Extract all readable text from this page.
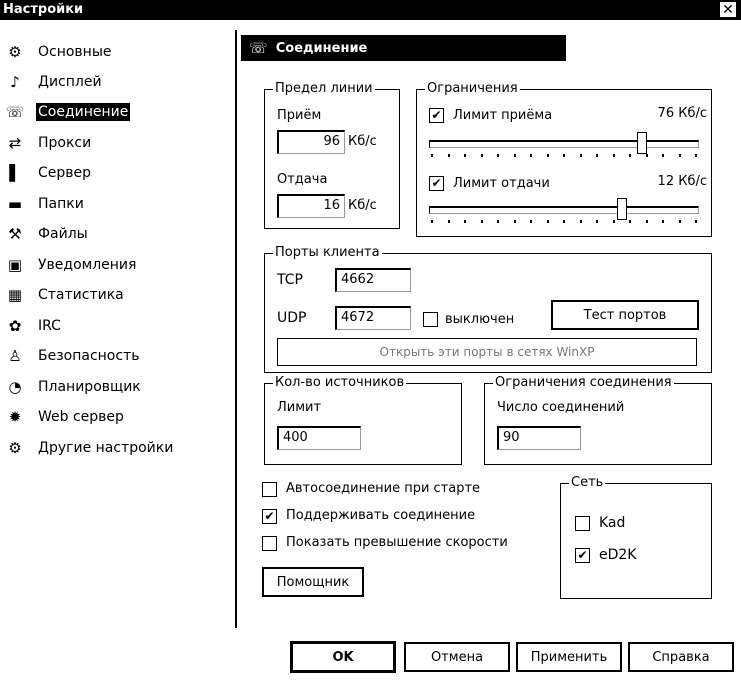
Настройки	✕
⚙	Основные
♪	Дисплей
☏ Соединение
⇄	Прокси
▌	Сервер
▬ Папки
⚒	Файлы
▣ Уведомления
▦ Статистика
✿	IRC
♙	Безопасность
◔	Планировщик
✹	Web сервер
⚙	Другие настройки
☏ Соединение
Предел линии
Приём
96 Кб/с
Отдача
16 Кб/с
Ограничения
✔ Лимит приёма	76 Кб/с
✔ Лимит отдачи	12 Кб/с
Порты клиента
TCP	4662
UDP	4672	выключен	Тест портов
Открыть эти порты в сетях WinXP
Кол-во источников
Лимит
400
Ограничения соединения
Число соединений
90
Автосоединение при старте
✔ Поддерживать соединение
Показать превышение скорости
Сеть
Kad
✔ eD2K
Помощник
OK	Отмена	Применить	Справка
